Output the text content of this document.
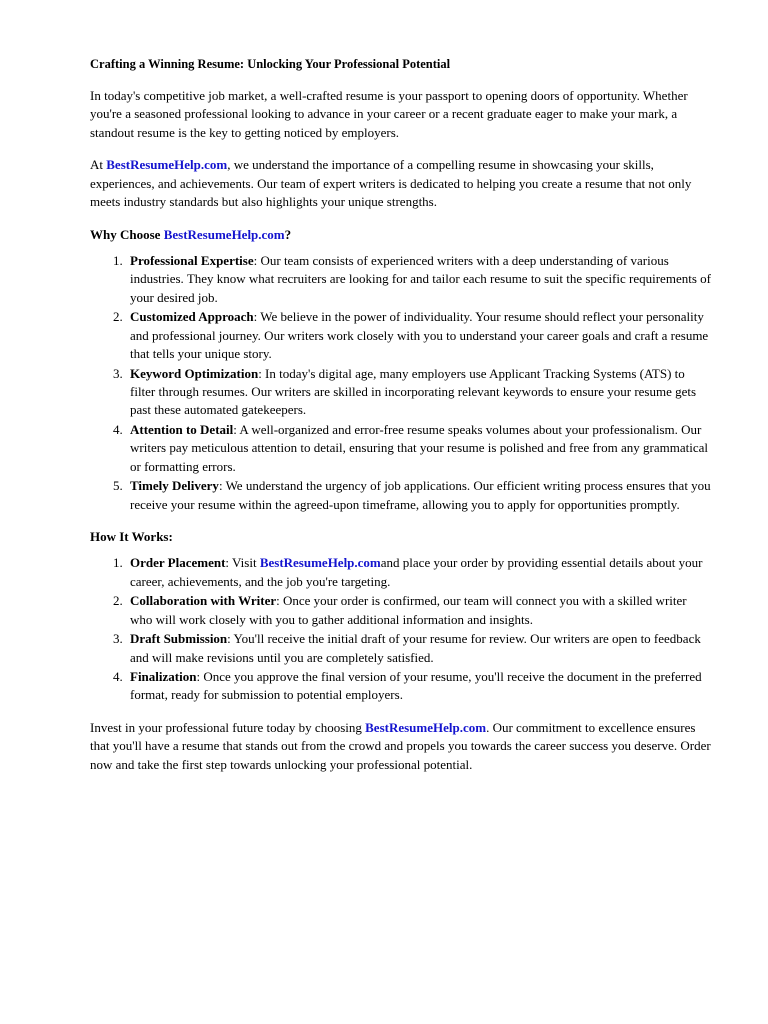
Crafting a Winning Resume: Unlocking Your Professional Potential

In today's competitive job market, a well-crafted resume is your passport to opening doors of opportunity. Whether you're a seasoned professional looking to advance in your career or a recent graduate eager to make your mark, a standout resume is the key to getting noticed by employers.

At BestResumeHelp.com, we understand the importance of a compelling resume in showcasing your skills, experiences, and achievements. Our team of expert writers is dedicated to helping you create a resume that not only meets industry standards but also highlights your unique strengths.

Why Choose BestResumeHelp.com?
1. Professional Expertise: Our team consists of experienced writers with a deep understanding of various industries. They know what recruiters are looking for and tailor each resume to suit the specific requirements of your desired job.
2. Customized Approach: We believe in the power of individuality. Your resume should reflect your personality and professional journey. Our writers work closely with you to understand your career goals and craft a resume that tells your unique story.
3. Keyword Optimization: In today's digital age, many employers use Applicant Tracking Systems (ATS) to filter through resumes. Our writers are skilled in incorporating relevant keywords to ensure your resume gets past these automated gatekeepers.
4. Attention to Detail: A well-organized and error-free resume speaks volumes about your professionalism. Our writers pay meticulous attention to detail, ensuring that your resume is polished and free from any grammatical or formatting errors.
5. Timely Delivery: We understand the urgency of job applications. Our efficient writing process ensures that you receive your resume within the agreed-upon timeframe, allowing you to apply for opportunities promptly.
How It Works:
1. Order Placement: Visit BestResumeHelp.comand place your order by providing essential details about your career, achievements, and the job you're targeting.
2. Collaboration with Writer: Once your order is confirmed, our team will connect you with a skilled writer who will work closely with you to gather additional information and insights.
3. Draft Submission: You'll receive the initial draft of your resume for review. Our writers are open to feedback and will make revisions until you are completely satisfied.
4. Finalization: Once you approve the final version of your resume, you'll receive the document in the preferred format, ready for submission to potential employers.

Invest in your professional future today by choosing BestResumeHelp.com. Our commitment to excellence ensures that you'll have a resume that stands out from the crowd and propels you towards the career success you deserve. Order now and take the first step towards unlocking your professional potential.
